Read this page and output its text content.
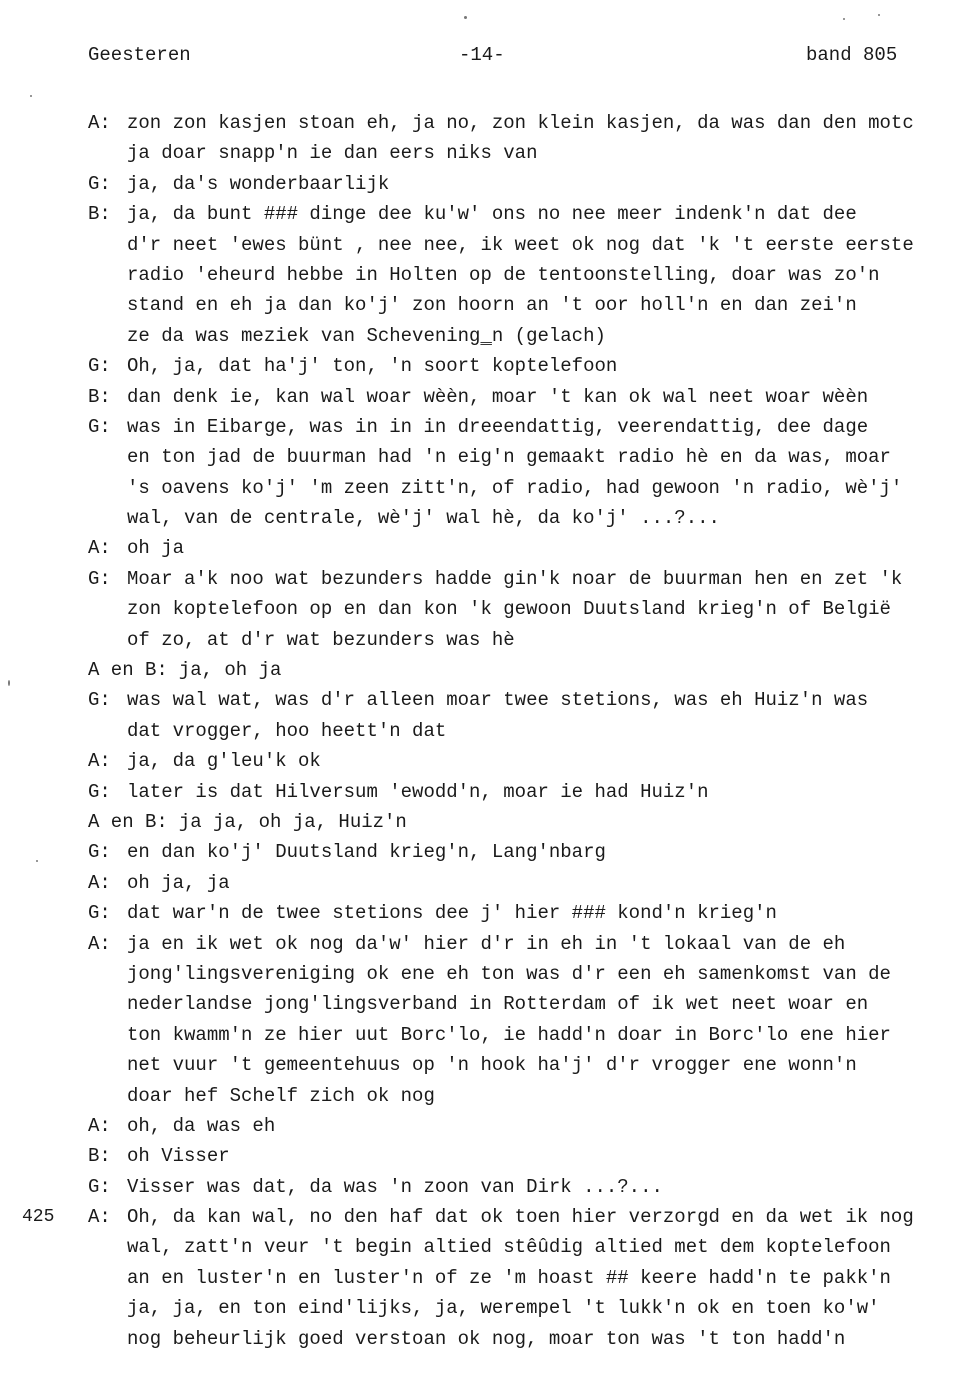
Geesteren	-14-	band 805
A: zon zon kasjen stoan eh, ja no, zon klein kasjen, da was dan den motc
ja doar snapp'n ie dan eers niks van
G: ja, da's wonderbaarlijk
B: ja, da bunt ### dinge dee ku'w' ons no nee meer indenk'n dat dee
d'r neet 'ewes bünt , nee nee, ik weet ok nog dat 'k 't eerste eerste
radio 'eheurd hebbe in Holten op de tentoonstelling, doar was zo'n
stand en eh ja dan ko'j' zon hoorn an 't oor holl'n en dan zei'n
ze da was meziek van Schevening‗n (gelach)
G: Oh, ja, dat ha'j' ton, 'n soort koptelefoon
B: dan denk ie, kan wal woar wèèn, moar 't kan ok wal neet woar wèèn
G: was in Eibarge, was in in in dreeendattig, veerendattig, dee dage
en ton jad de buurman had 'n eig'n gemaakt radio hè en da was, moar
's oavens ko'j' 'm zeen zitt'n, of radio, had gewoon 'n radio, wè'j'
wal, van de centrale, wè'j' wal hè, da ko'j' ...?...
A: oh ja
G: Moar a'k noo wat bezunders hadde gin'k noar de buurman hen en zet 'k
zon koptelefoon op en dan kon 'k gewoon Duutsland krieg'n of België
of zo, at d'r wat bezunders was hè
A en B: ja, oh ja
G: was wal wat, was d'r alleen moar twee stetions, was eh Huiz'n was
dat vrogger, hoo heett'n dat
A: ja, da g'leu'k ok
G: later is dat Hilversum 'ewodd'n, moar ie had Huiz'n
A en B: ja ja, oh ja, Huiz'n
G: en dan ko'j' Duutsland krieg'n, Lang'nbarg
A: oh ja, ja
G: dat war'n de twee stetions dee j' hier ### kond'n krieg'n
A: ja en ik wet ok nog da'w' hier d'r in eh in 't lokaal van de eh
jong'lingsvereniging ok ene eh ton was d'r een eh samenkomst van de
nederlandse jong'lingsverband in Rotterdam of ik wet neet woar en
ton kwamm'n ze hier uut Borc'lo, ie hadd'n doar in Borc'lo ene hier
net vuur 't gemeentehuus op 'n hook ha'j' d'r vrogger ene wonn'n
doar hef Schelf zich ok nog
A: oh, da was eh
B: oh Visser
G: Visser was dat, da was 'n zoon van Dirk ...?...
425 A: Oh, da kan wal, no den haf dat ok toen hier verzorgd en da wet ik nog
wal, zatt'n veur 't begin altied stêûdig altied met dem koptelefoon
an en luster'n en luster'n of ze 'm hoast ## keere hadd'n te pakk'n
ja, ja, en ton eind'lijks, ja, werempel 't lukk'n ok en toen ko'w'
nog beheurlijk goed verstoan ok nog, moar ton was 't ton hadd'n
